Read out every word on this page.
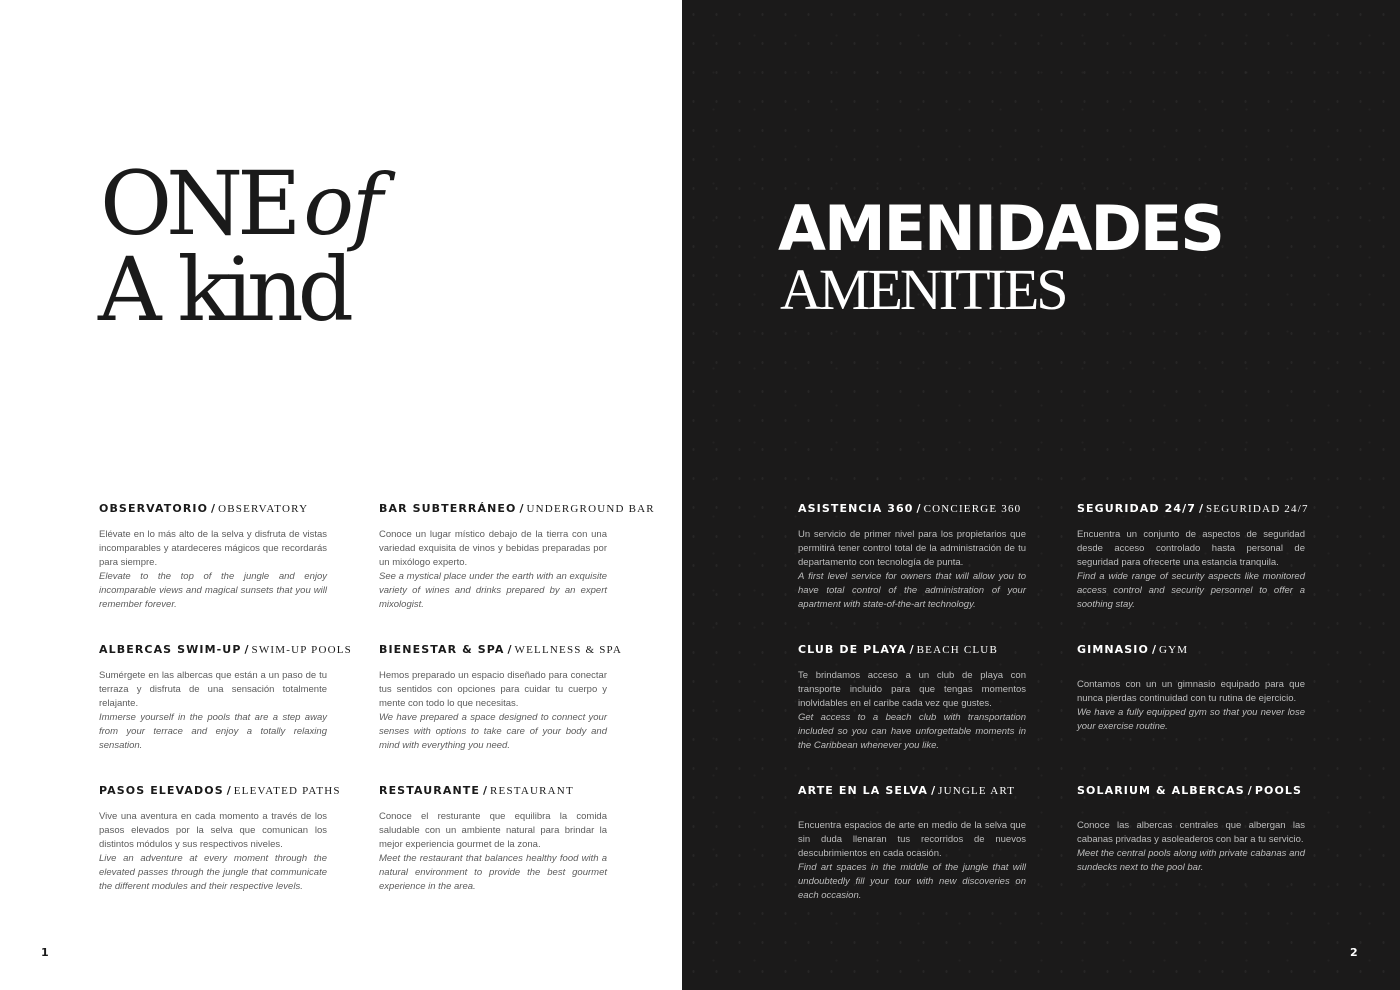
ONEof
A kind
OBSERVATORIO / OBSERVATORY

Elévate en lo más alto de la selva y disfruta de vistas incomparables y atardeceres mágicos que recordarás para siempre.

Elevate to the top of the jungle and enjoy incomparable views and magical sunsets that you will remember forever.

BAR SUBTERRÁNEO / UNDERGROUND BAR

Conoce un lugar místico debajo de la tierra con una variedad exquisita de vinos y bebidas preparadas por un mixólogo experto.

See a mystical place under the earth with an exquisite variety of wines and drinks prepared by an expert mixologist.

ALBERCAS SWIM-UP / SWIM-UP POOLS

Sumérgete en las albercas que están a un paso de tu terraza y disfruta de una sensación totalmente relajante.

Immerse yourself in the pools that are a step away from your terrace and enjoy a totally relaxing sensation.

BIENESTAR & SPA / WELLNESS & SPA

Hemos preparado un espacio diseñado para conectar tus sentidos con opciones para cuidar tu cuerpo y mente con todo lo que necesitas.

We have prepared a space designed to connect your senses with options to take care of your body and mind with everything you need.

PASOS ELEVADOS / ELEVATED PATHS

Vive una aventura en cada momento a través de los pasos elevados por la selva que comunican los distintos módulos y sus respectivos niveles.

Live an adventure at every moment through the elevated passes through the jungle that communicate the different modules and their respective levels.

RESTAURANTE / RESTAURANT

Conoce el resturante que equilibra la comida saludable con un ambiente natural para brindar la mejor experiencia gourmet de la zona.

Meet the restaurant that balances healthy food with a natural environment to provide the best gourmet experience in the area.

1	2
AMENIDADES
AMENITIES
ASISTENCIA 360 / CONCIERGE 360

Un servicio de primer nivel para los propietarios que permitirá tener control total de la administración de tu departamento con tecnología de punta.

A first level service for owners that will allow you to have total control of the administration of your apartment with state-of-the-art technology.

SEGURIDAD 24/7 / SEGURIDAD 24/7

Encuentra un conjunto de aspectos de seguridad desde acceso controlado hasta personal de seguridad para ofrecerte una estancia tranquila.

Find a wide range of security aspects like monitored access control and security personnel to offer a soothing stay.

CLUB DE PLAYA / BEACH CLUB

Te brindamos acceso a un club de playa con transporte incluido para que tengas momentos inolvidables en el caribe cada vez que gustes.

Get access to a beach club with transportation included so you can have unforgettable moments in the Caribbean whenever you like.

GIMNASIO / GYM

Contamos con un un gimnasio equipado para que nunca pierdas continuidad con tu rutina de ejercicio.

We have a fully equipped gym so that you never lose your exercise routine.

ARTE EN LA SELVA / JUNGLE ART

Encuentra espacios de arte en medio de la selva que sin duda llenaran tus recorridos de nuevos descubrimientos en cada ocasión.

Find art spaces in the middle of the jungle that will undoubtedly fill your tour with new discoveries on each occasion.

SOLARIUM & ALBERCAS / POOLS

Conoce las albercas centrales que albergan las cabanas privadas y asoleaderos con bar a tu servicio.

Meet the central pools along with private cabanas and sundecks next to the pool bar.
